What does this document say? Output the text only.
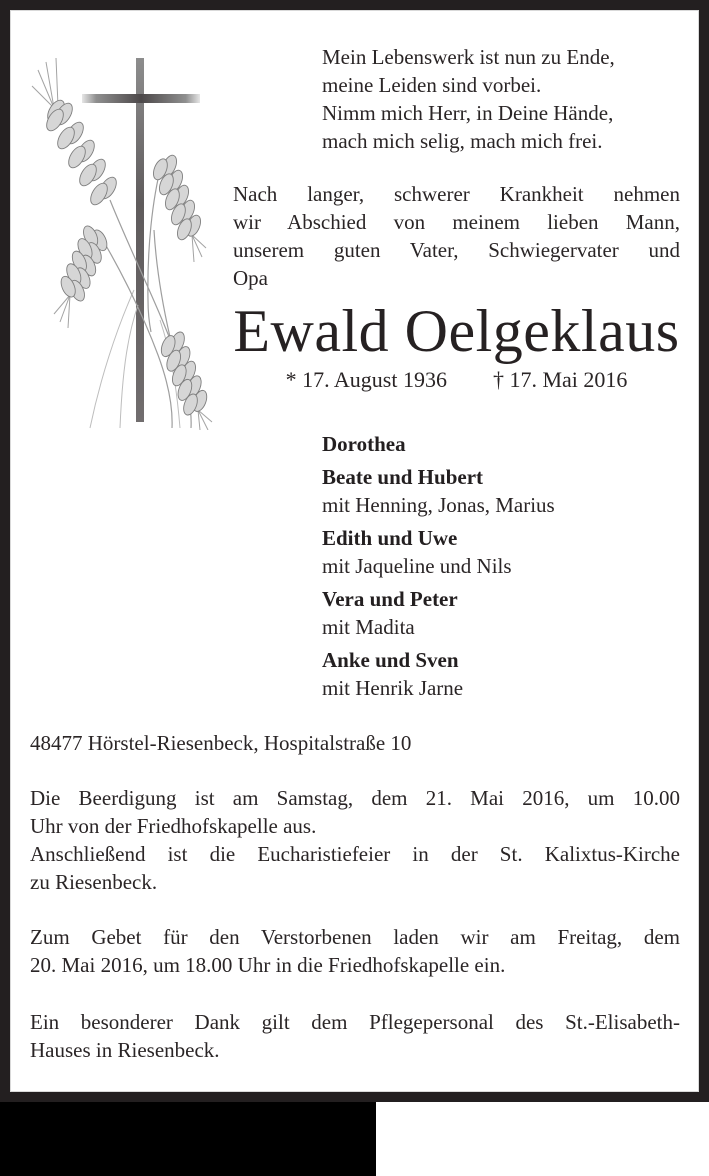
Mein Lebenswerk ist nun zu Ende,
meine Leiden sind vorbei.
Nimm mich Herr, in Deine Hände,
mach mich selig, mach mich frei.
Nach langer, schwerer Krankheit nehmen
wir Abschied von meinem lieben Mann,
unserem guten Vater, Schwiegervater und
Opa
Ewald Oelgeklaus
* 17. August 1936 † 17. Mai 2016
Dorothea
Beate und Hubert
mit Henning, Jonas, Marius
Edith und Uwe
mit Jaqueline und Nils
Vera und Peter
mit Madita
Anke und Sven
mit Henrik Jarne
48477 Hörstel-Riesenbeck, Hospitalstraße 10
Die Beerdigung ist am Samstag, dem 21. Mai 2016, um 10.00
Uhr von der Friedhofskapelle aus.
Anschließend ist die Eucharistiefeier in der St. Kalixtus-Kirche
zu Riesenbeck.
Zum Gebet für den Verstorbenen laden wir am Freitag, dem
20. Mai 2016, um 18.00 Uhr in die Friedhofskapelle ein.
Ein besonderer Dank gilt dem Pflegepersonal des St.-Elisabeth-
Hauses in Riesenbeck.
